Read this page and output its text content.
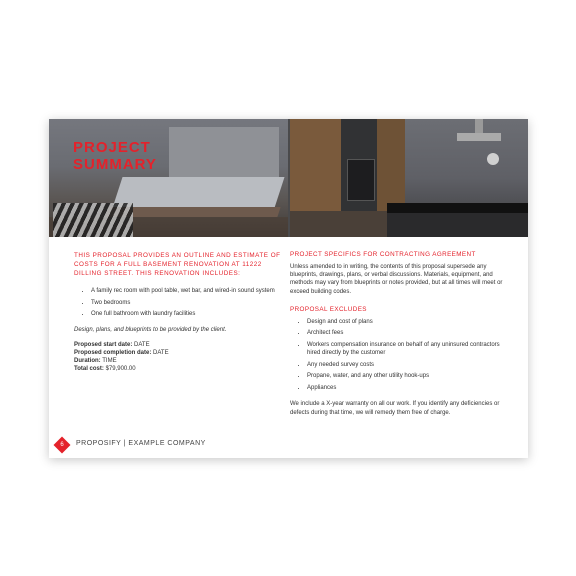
PROJECT SUMMARY

THIS PROPOSAL PROVIDES AN OUTLINE AND ESTIMATE OF COSTS FOR A FULL BASEMENT RENOVATION AT 11222 DILLING STREET. THIS RENOVATION INCLUDES:

• A family rec room with pool table, wet bar, and wired-in sound system
• Two bedrooms
• One full bathroom with laundry facilities

Design, plans, and blueprints to be provided by the client.

Proposed start date: DATE
Proposed completion date: DATE
Duration: TIME
Total cost: $79,900.00

PROJECT SPECIFICS FOR CONTRACTING AGREEMENT

Unless amended to in writing, the contents of this proposal supersede any blueprints, drawings, plans, or verbal discussions. Materials, equipment, and methods may vary from blueprints or notes provided, but at all times will meet or exceed building codes.

PROPOSAL EXCLUDES
• Design and cost of plans
• Architect fees
• Workers compensation insurance on behalf of any uninsured contractors hired directly by the customer
• Any needed survey costs
• Propane, water, and any other utility hook-ups
• Appliances

We include a X-year warranty on all our work. If you identify any deficiencies or defects during that time, we will remedy them free of charge.

6	PROPOSIFY | EXAMPLE COMPANY
